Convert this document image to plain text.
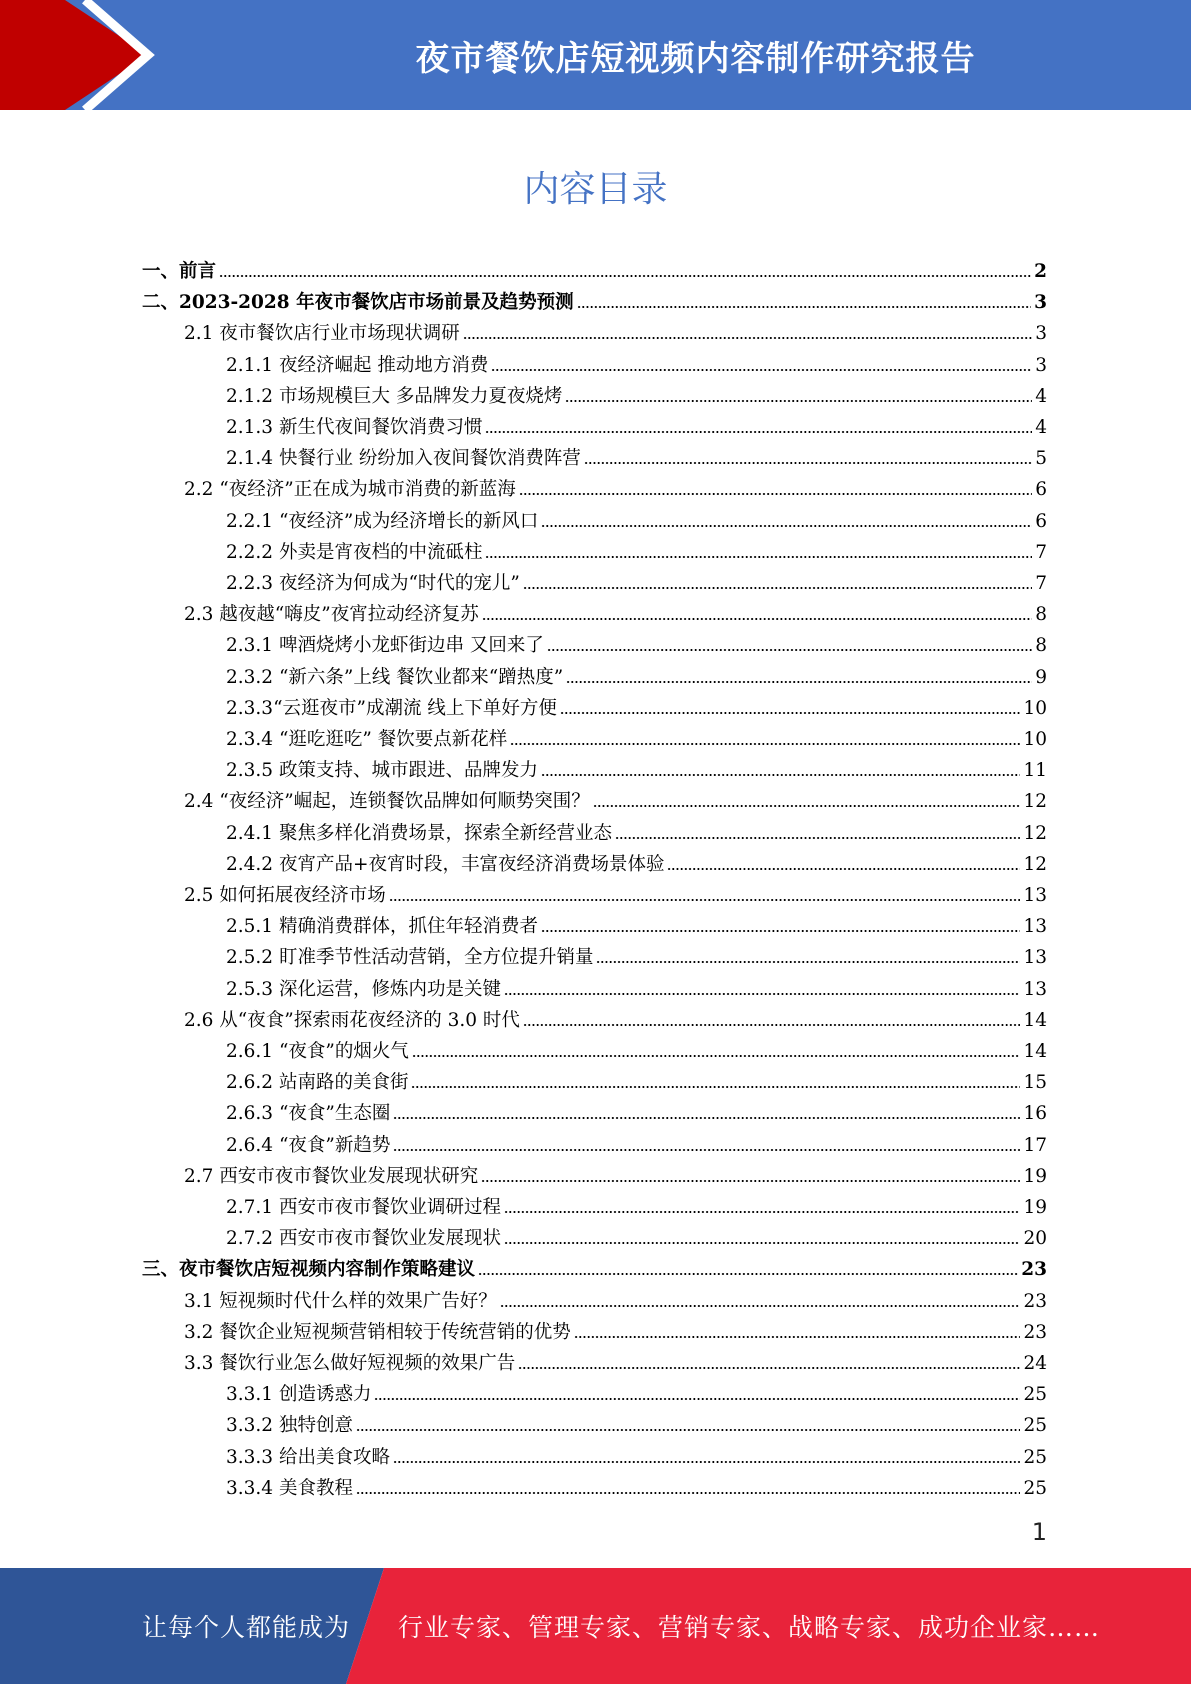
夜市餐饮店短视频内容制作研究报告
内容目录
一、前言	2
二、2023-2028 年夜市餐饮店市场前景及趋势预测	3
2.1 夜市餐饮店行业市场现状调研	3
2.1.1 夜经济崛起 推动地方消费	3
2.1.2 市场规模巨大 多品牌发力夏夜烧烤	4
2.1.3 新生代夜间餐饮消费习惯	4
2.1.4 快餐行业 纷纷加入夜间餐饮消费阵营	5
2.2 “夜经济”正在成为城市消费的新蓝海	6
2.2.1 “夜经济”成为经济增长的新风口	6
2.2.2 外卖是宵夜档的中流砥柱	7
2.2.3 夜经济为何成为“时代的宠儿”	7
2.3 越夜越“嗨皮”夜宵拉动经济复苏	8
2.3.1 啤酒烧烤小龙虾街边串 又回来了	8
2.3.2 “新六条”上线 餐饮业都来“蹭热度”	9
2.3.3“云逛夜市”成潮流 线上下单好方便	10
2.3.4 “逛吃逛吃” 餐饮要点新花样	10
2.3.5 政策支持、城市跟进、品牌发力	11
2.4 “夜经济”崛起，连锁餐饮品牌如何顺势突围？	12
2.4.1 聚焦多样化消费场景，探索全新经营业态	12
2.4.2 夜宵产品+夜宵时段，丰富夜经济消费场景体验	12
2.5 如何拓展夜经济市场	13
2.5.1 精确消费群体，抓住年轻消费者	13
2.5.2 盯准季节性活动营销，全方位提升销量	13
2.5.3 深化运营，修炼内功是关键	13
2.6 从“夜食”探索雨花夜经济的 3.0 时代	14
2.6.1 “夜食”的烟火气	14
2.6.2 站南路的美食街	15
2.6.3 “夜食”生态圈	16
2.6.4 “夜食”新趋势	17
2.7 西安市夜市餐饮业发展现状研究	19
2.7.1 西安市夜市餐饮业调研过程	19
2.7.2 西安市夜市餐饮业发展现状	20
三、夜市餐饮店短视频内容制作策略建议	23
3.1 短视频时代什么样的效果广告好？	23
3.2 餐饮企业短视频营销相较于传统营销的优势	23
3.3 餐饮行业怎么做好短视频的效果广告	24
3.3.1 创造诱惑力	25
3.3.2 独特创意	25
3.3.3 给出美食攻略	25
3.3.4 美食教程	25
1
让每个人都能成为 行业专家、管理专家、营销专家、战略专家、成功企业家……
